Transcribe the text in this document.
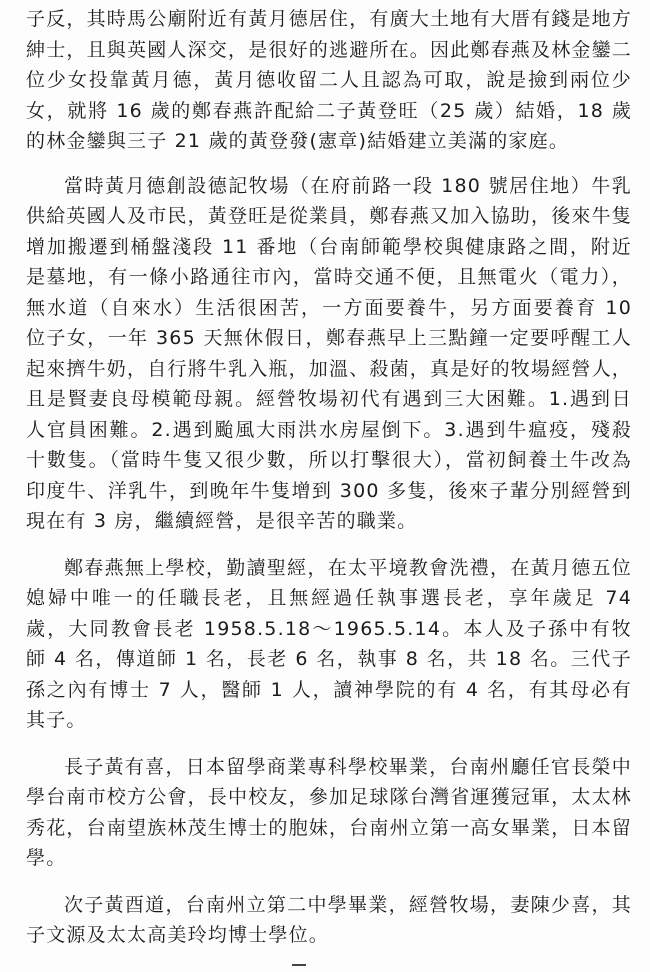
子反，其時馬公廟附近有黃月德居住，有廣大土地有大厝有錢是地方紳士，且與英國人深交，是很好的逃避所在。因此鄭春燕及林金鑾二位少女投靠黃月德，黃月德收留二人且認為可取，說是撿到兩位少女，就將 16 歲的鄭春燕許配給二子黃登旺（25 歲）結婚，18 歲的林金鑾與三子 21 歲的黃登發(憲章)結婚建立美滿的家庭。

當時黃月德創設德記牧場（在府前路一段 180 號居住地）牛乳供給英國人及市民，黃登旺是從業員，鄭春燕又加入協助，後來牛隻增加搬遷到桶盤淺段 11 番地（台南師範學校與健康路之間，附近是墓地，有一條小路通往市內，當時交通不便，且無電火（電力），無水道（自來水）生活很困苦，一方面要養牛，另方面要養育 10 位子女，一年 365 天無休假日，鄭春燕早上三點鐘一定要呼醒工人起來擠牛奶，自行將牛乳入瓶，加溫、殺菌，真是好的牧場經營人，且是賢妻良母模範母親。經營牧場初代有遇到三大困難。1.遇到日人官員困難。2.遇到颱風大雨洪水房屋倒下。3.遇到牛瘟疫，殘殺十數隻。（當時牛隻又很少數，所以打擊很大），當初飼養土牛改為印度牛、洋乳牛，到晚年牛隻增到 300 多隻，後來子輩分別經營到現在有 3 房，繼續經營，是很辛苦的職業。

鄭春燕無上學校，勤讀聖經，在太平境教會洗禮，在黃月德五位媳婦中唯一的任職長老，且無經過任執事選長老，享年歲足 74 歲，大同教會長老 1958.5.18～1965.5.14。本人及子孫中有牧師 4 名，傳道師 1 名，長老 6 名，執事 8 名，共 18 名。三代子孫之內有博士 7 人，醫師 1 人，讀神學院的有 4 名，有其母必有其子。

長子黃有喜，日本留學商業專科學校畢業，台南州廳任官長榮中學台南市校方公會，長中校友，參加足球隊台灣省運獲冠軍，太太林秀花，台南望族林茂生博士的胞妹，台南州立第一高女畢業，日本留學。

次子黃酉道，台南州立第二中學畢業，經營牧場，妻陳少喜，其子文源及太太高美玲均博士學位。
